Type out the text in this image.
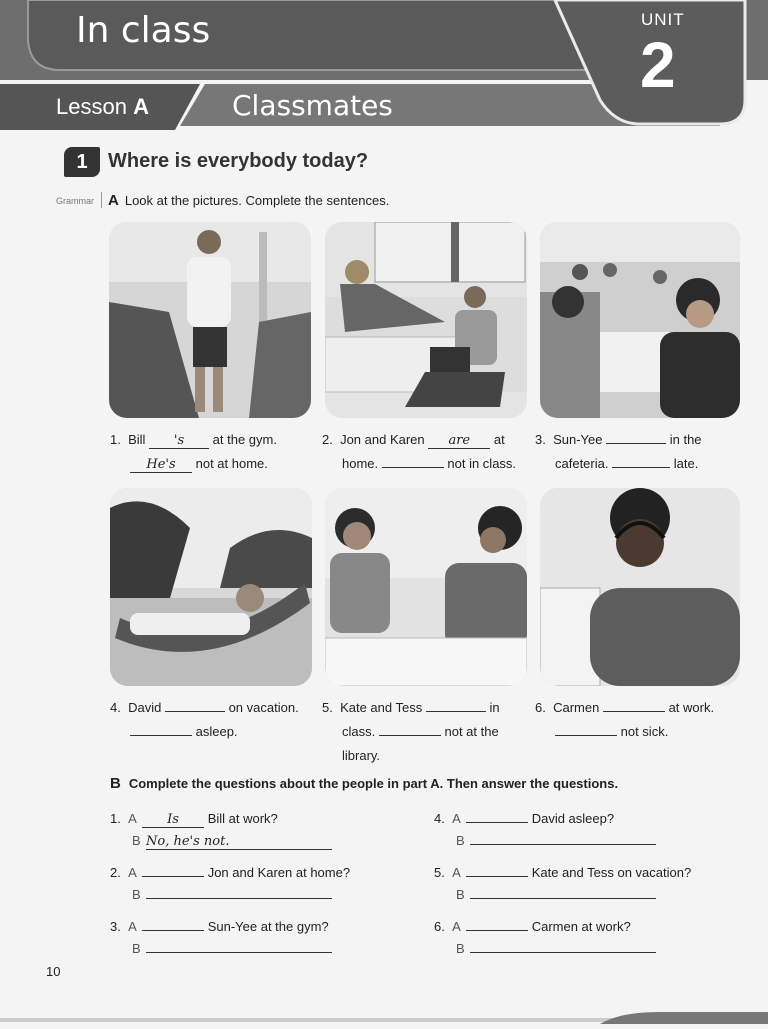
In class	UNIT
2
Lesson A	Classmates
1	Where is everybody today?
Grammar A Look at the pictures. Complete the sentences.
1. Bill 's at the gym.
He's not at home.
2. Jon and Karen are at
home.	not in class.
3. Sun-Yee	in the
cafeteria.	late.
4. David	on vacation.
asleep.
5. Kate and Tess	in
class.	not at the
library.
6. Carmen	at work.
not sick.
B Complete the questions about the people in part A. Then answer the questions.
1. A Is Bill at work?
B No, he's not.
2. A	Jon and Karen at home?
B
3. A	Sun-Yee at the gym?
B
4. A	David asleep?
B
5. A	Kate and Tess on vacation?
B
6. A	Carmen at work?
B
10
